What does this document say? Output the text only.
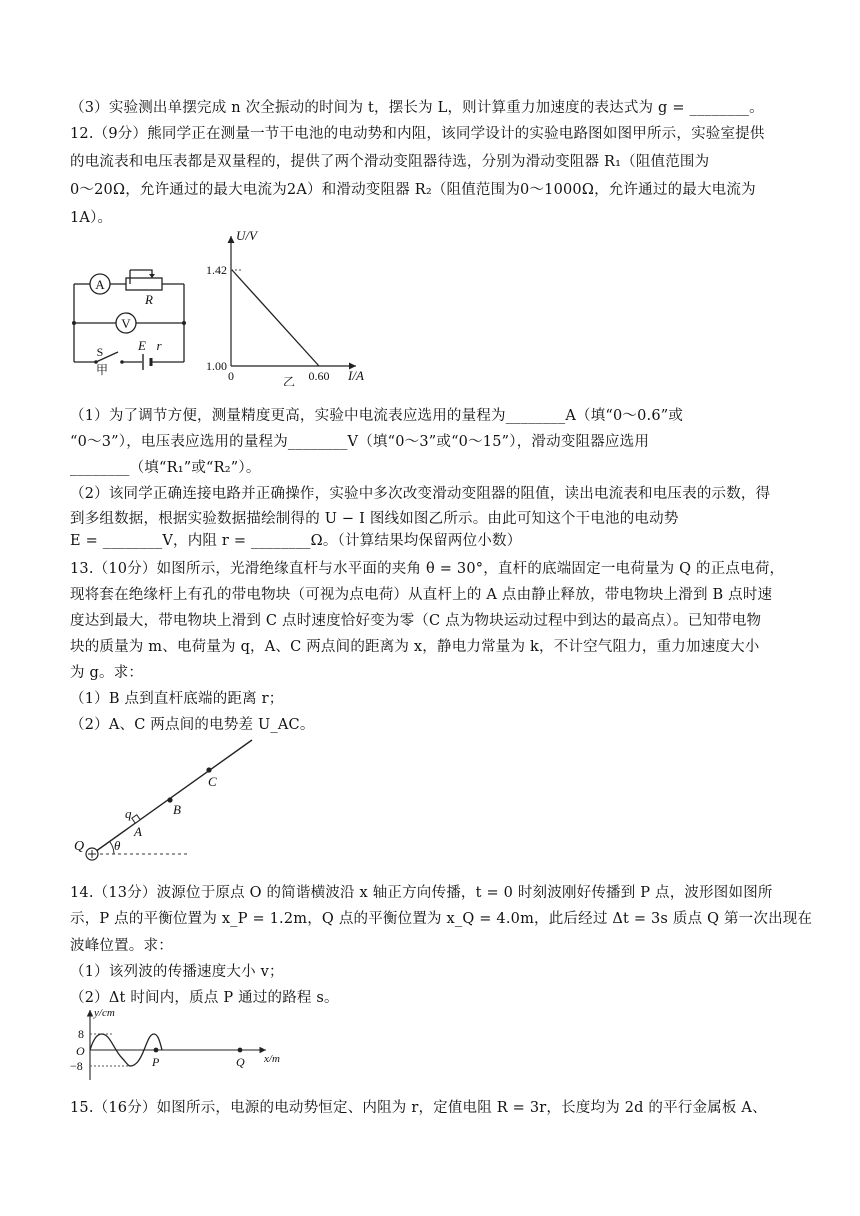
（3）实验测出单摆完成 n 次全振动的时间为 t，摆长为 L，则计算重力加速度的表达式为 g = ________。
12.（9分）熊同学正在测量一节干电池的电动势和内阻，该同学设计的实验电路图如图甲所示，实验室提供
的电流表和电压表都是双量程的，提供了两个滑动变阻器待选，分别为滑动变阻器 R₁（阻值范围为
0～20Ω，允许通过的最大电流为2A）和滑动变阻器 R₂（阻值范围为0～1000Ω，允许通过的最大电流为
1A）。
（1）为了调节方便，测量精度更高，实验中电流表应选用的量程为________A（填“0～0.6”或
“0～3”），电压表应选用的量程为________V（填“0～3”或“0～15”），滑动变阻器应选用
________（填“R₁”或“R₂”）。
（2）该同学正确连接电路并正确操作，实验中多次改变滑动变阻器的阻值，读出电流表和电压表的示数，得
到多组数据，根据实验数据描绘制得的 U − I 图线如图乙所示。由此可知这个干电池的电动势
E = ________V，内阻 r = ________Ω。（计算结果均保留两位小数）
13.（10分）如图所示，光滑绝缘直杆与水平面的夹角 θ = 30°，直杆的底端固定一电荷量为 Q 的正点电荷，
现将套在绝缘杆上有孔的带电物块（可视为点电荷）从直杆上的 A 点由静止释放，带电物块上滑到 B 点时速
度达到最大，带电物块上滑到 C 点时速度恰好变为零（C 点为物块运动过程中到达的最高点）。已知带电物
块的质量为 m、电荷量为 q，A、C 两点间的距离为 x，静电力常量为 k，不计空气阻力，重力加速度大小
为 g。求：
（1）B 点到直杆底端的距离 r；
（2）A、C 两点间的电势差 U_AC。
14.（13分）波源位于原点 O 的简谐横波沿 x 轴正方向传播，t = 0 时刻波刚好传播到 P 点，波形图如图所
示，P 点的平衡位置为 x_P = 1.2m，Q 点的平衡位置为 x_Q = 4.0m，此后经过 Δt = 3s 质点 Q 第一次出现在
波峰位置。求：
（1）该列波的传播速度大小 v；
（2）Δt 时间内，质点 P 通过的路程 s。
15.（16分）如图所示，电源的电动势恒定、内阻为 r，定值电阻 R = 3r，长度均为 2d 的平行金属板 A、
A
V
R
S	E r
甲
U/V
I/A
1.42
1.00
0	0.60
乙
Q θ
q
A
B
C
y/cm
x/m
O
8
−8	P	Q
